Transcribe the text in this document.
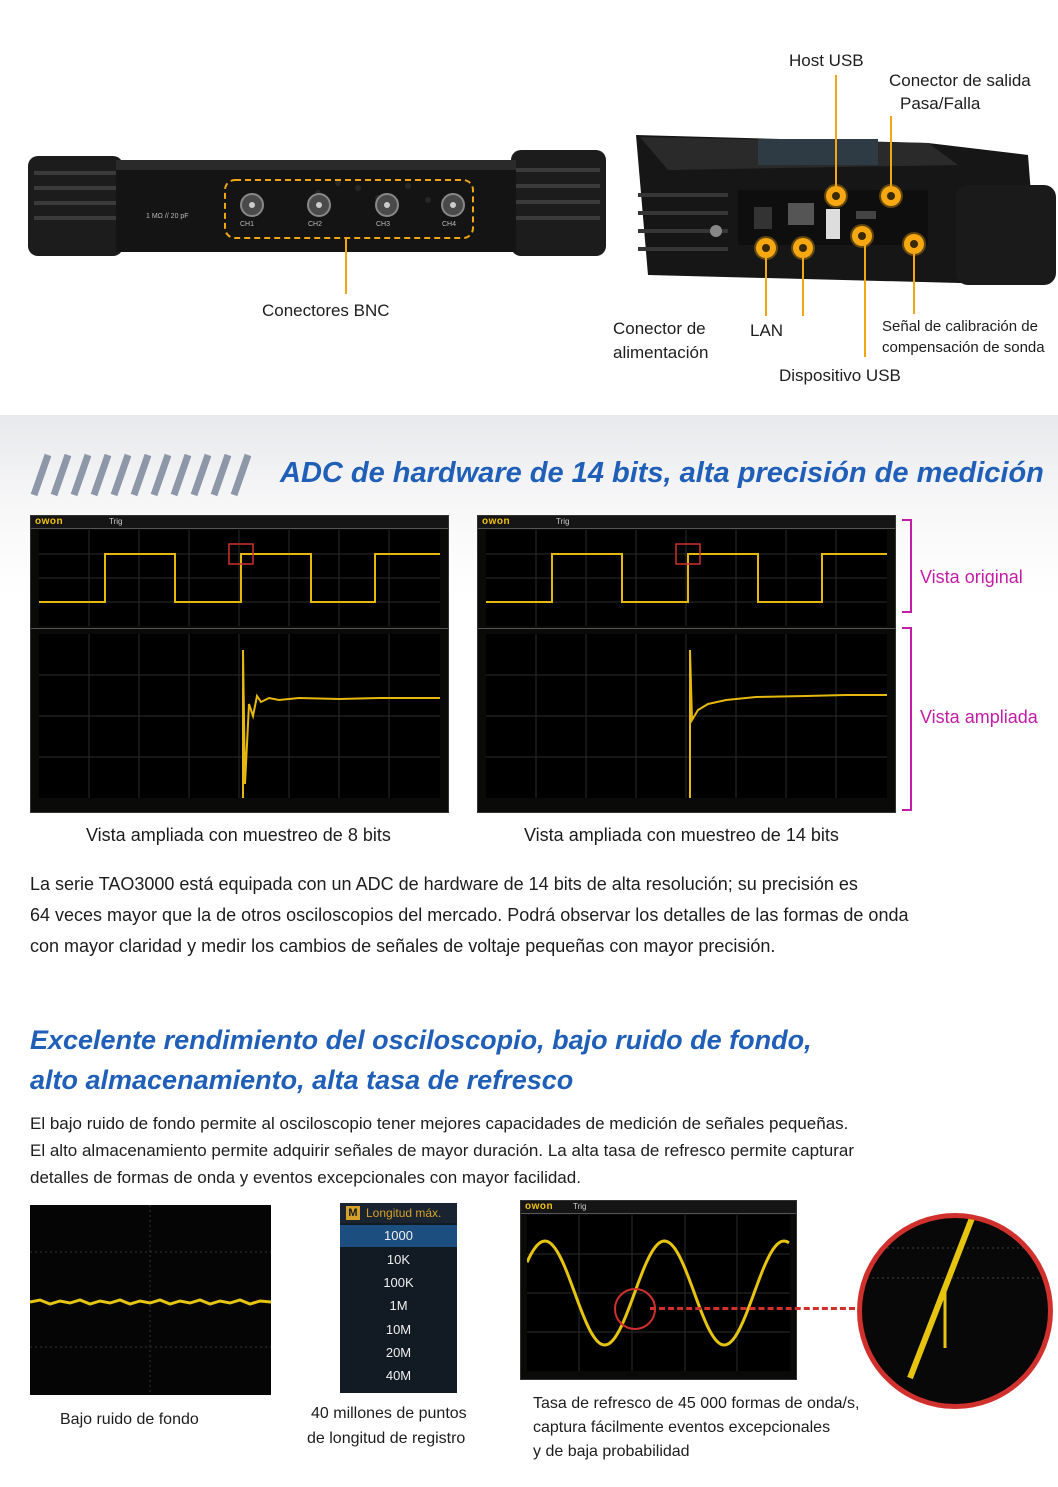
1 MΩ // 20 pF
CH1	CH2	CH3	CH4
Conectores BNC
Host USB
Conector de salida
Pasa/Falla
Conector de
alimentación
LAN
Dispositivo USB
Señal de calibración de
compensación de sonda
ADC de hardware de 14 bits, alta precisión de medición
owon	Trig	owon	Trig
Vista original
Vista ampliada
Vista ampliada con muestreo de 8 bits	Vista ampliada con muestreo de 14 bits
La serie TAO3000 está equipada con un ADC de hardware de 14 bits de alta resolución; su precisión es
64 veces mayor que la de otros osciloscopios del mercado. Podrá observar los detalles de las formas de onda
con mayor claridad y medir los cambios de señales de voltaje pequeñas con mayor precisión.
Excelente rendimiento del osciloscopio, bajo ruido de fondo,
alto almacenamiento, alta tasa de refresco
El bajo ruido de fondo permite al osciloscopio tener mejores capacidades de medición de señales pequeñas.
El alto almacenamiento permite adquirir señales de mayor duración. La alta tasa de refresco permite capturar
detalles de formas de onda y eventos excepcionales con mayor facilidad.
Bajo ruido de fondo
M Longitud máx.
1000
10K
100K
1M
10M
20M
40M
40 millones de puntos
de longitud de registro
owon Trig
Tasa de refresco de 45 000 formas de onda/s,
captura fácilmente eventos excepcionales
y de baja probabilidad
